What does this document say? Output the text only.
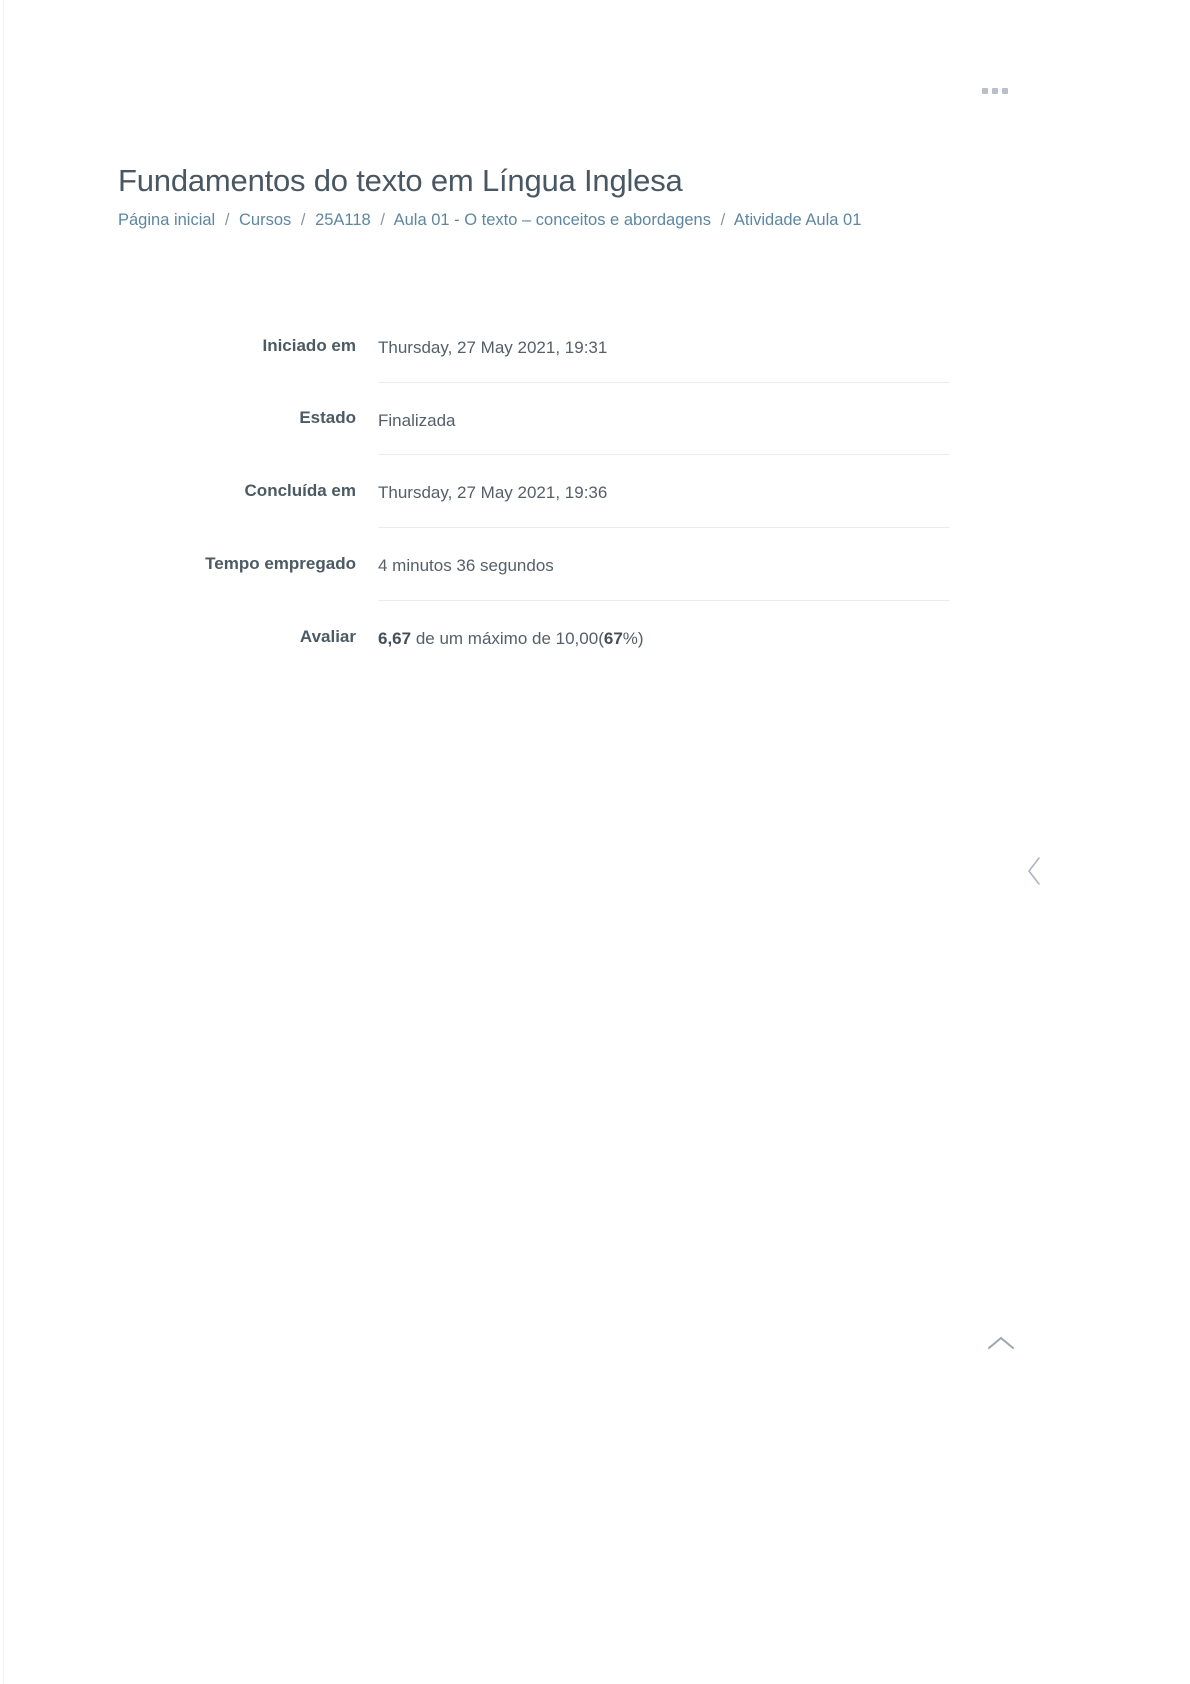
Fundamentos do texto em Língua Inglesa
Página inicial / Cursos / 25A118 / Aula 01 - O texto – conceitos e abordagens / Atividade Aula 01
Iniciado em	Thursday, 27 May 2021, 19:31
Estado	Finalizada
Concluída em	Thursday, 27 May 2021, 19:36
Tempo empregado	4 minutos 36 segundos
Avaliar	6,67 de um máximo de 10,00(67%)
